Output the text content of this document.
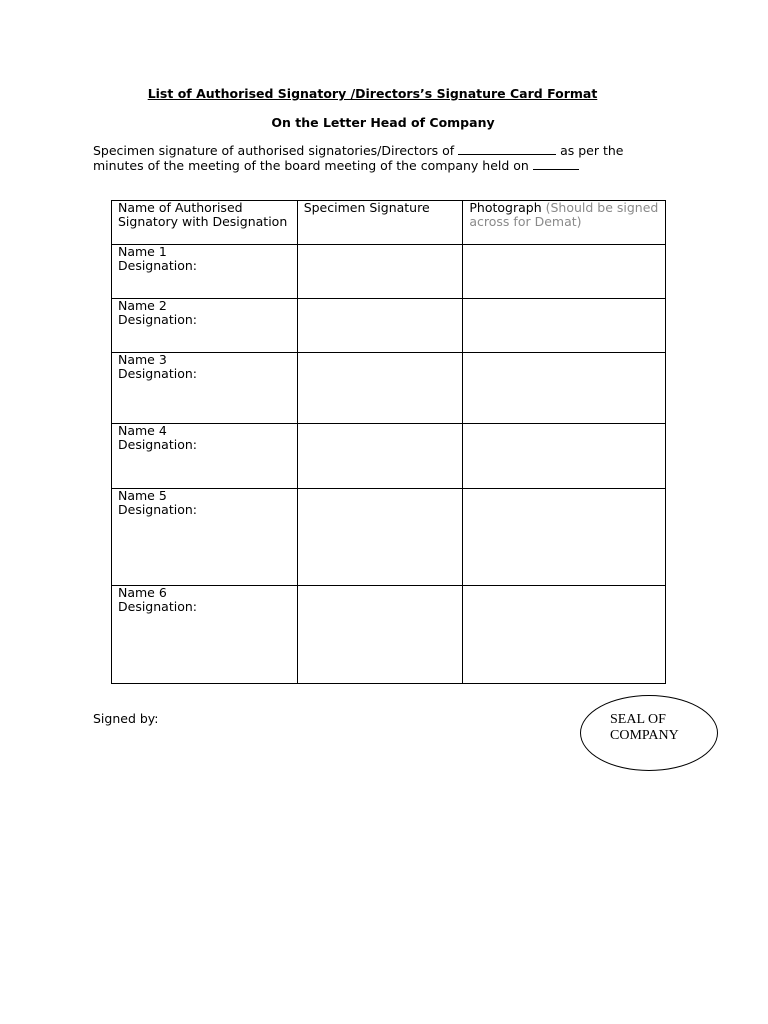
List of Authorised Signatory /Directors’s Signature Card Format
On the Letter Head of Company
Specimen signature of authorised signatories/Directors of	as per the
minutes of the meeting of the board meeting of the company held on
Name of Authorised Signatory with Designation	Specimen Signature	Photograph (Should be signed across for Demat)

Name 1
Designation:		

Name 2
Designation:		

Name 3
Designation:		

Name 4
Designation:		

Name 5
Designation:		

Name 6
Designation:		

Signed by:	SEAL OF
COMPANY
